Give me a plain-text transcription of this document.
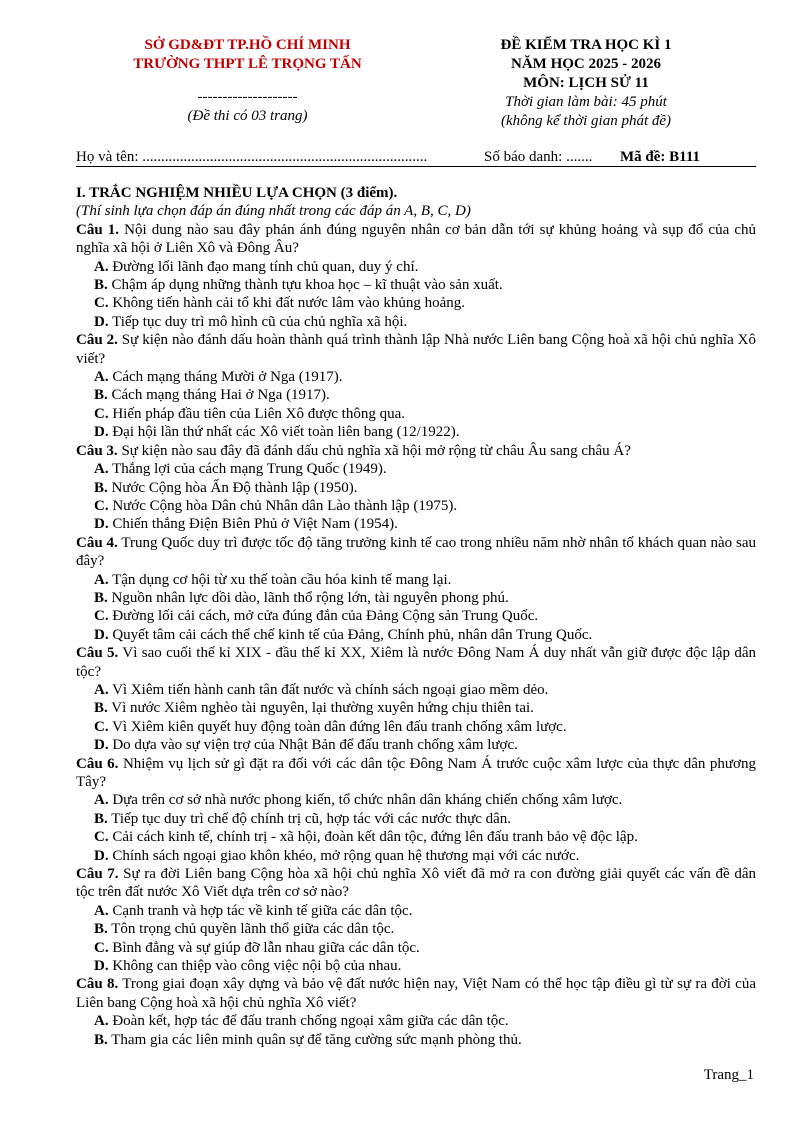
SỞ GD&ĐT TP.HỒ CHÍ MINH
TRƯỜNG THPT LÊ TRỌNG TẤN
--------------------
(Đề thi có 03 trang)
ĐỀ KIỂM TRA HỌC KÌ 1
NĂM HỌC 2025 - 2026
MÔN: LỊCH SỬ 11
Thời gian làm bài: 45 phút
(không kể thời gian phát đề)
Họ và tên: ............................................................................	Số báo danh: ....... Mã đề: B111
I. TRẮC NGHIỆM NHIỀU LỰA CHỌN (3 điểm).
(Thí sinh lựa chọn đáp án đúng nhất trong các đáp án A, B, C, D)
Câu 1. Nội dung nào sau đây phản ánh đúng nguyên nhân cơ bản dẫn tới sự khủng hoảng và sụp đổ của chủ nghĩa xã hội ở Liên Xô và Đông Âu?
A. Đường lối lãnh đạo mang tính chủ quan, duy ý chí.
B. Chậm áp dụng những thành tựu khoa học – kĩ thuật vào sản xuất.
C. Không tiến hành cải tổ khi đất nước lâm vào khủng hoảng.
D. Tiếp tục duy trì mô hình cũ của chủ nghĩa xã hội.
Câu 2. Sự kiện nào đánh dấu hoàn thành quá trình thành lập Nhà nước Liên bang Cộng hoà xã hội chủ nghĩa Xô viết?
A. Cách mạng tháng Mười ở Nga (1917).
B. Cách mạng tháng Hai ở Nga (1917).
C. Hiến pháp đầu tiên của Liên Xô được thông qua.
D. Đại hội lần thứ nhất các Xô viết toàn liên bang (12/1922).
Câu 3. Sự kiện nào sau đây đã đánh dấu chủ nghĩa xã hội mở rộng từ châu Âu sang châu Á?
A. Thắng lợi của cách mạng Trung Quốc (1949).
B. Nước Cộng hòa Ấn Độ thành lập (1950).
C. Nước Cộng hòa Dân chủ Nhân dân Lào thành lập (1975).
D. Chiến thắng Điện Biên Phủ ở Việt Nam (1954).
Câu 4. Trung Quốc duy trì được tốc độ tăng trưởng kinh tế cao trong nhiều năm nhờ nhân tố khách quan nào sau đây?
A. Tận dụng cơ hội từ xu thế toàn cầu hóa kinh tế mang lại.
B. Nguồn nhân lực dồi dào, lãnh thổ rộng lớn, tài nguyên phong phú.
C. Đường lối cải cách, mở cửa đúng đắn của Đảng Cộng sản Trung Quốc.
D. Quyết tâm cải cách thể chế kinh tế của Đảng, Chính phủ, nhân dân Trung Quốc.
Câu 5. Vì sao cuối thế kỉ XIX - đầu thế kỉ XX, Xiêm là nước Đông Nam Á duy nhất vẫn giữ được độc lập dân tộc?
A. Vì Xiêm tiến hành canh tân đất nước và chính sách ngoại giao mềm dẻo.
B. Vì nước Xiêm nghèo tài nguyên, lại thường xuyên hứng chịu thiên tai.
C. Vì Xiêm kiên quyết huy động toàn dân đứng lên đấu tranh chống xâm lược.
D. Do dựa vào sự viện trợ của Nhật Bản để đấu tranh chống xâm lược.
Câu 6. Nhiệm vụ lịch sử gì đặt ra đối với các dân tộc Đông Nam Á trước cuộc xâm lược của thực dân phương Tây?
A. Dựa trên cơ sở nhà nước phong kiến, tổ chức nhân dân kháng chiến chống xâm lược.
B. Tiếp tục duy trì chế độ chính trị cũ, hợp tác với các nước thực dân.
C. Cải cách kinh tế, chính trị - xã hội, đoàn kết dân tộc, đứng lên đấu tranh bảo vệ độc lập.
D. Chính sách ngoại giao khôn khéo, mở rộng quan hệ thương mại với các nước.
Câu 7. Sự ra đời Liên bang Cộng hòa xã hội chủ nghĩa Xô viết đã mở ra con đường giải quyết các vấn đề dân tộc trên đất nước Xô Viết dựa trên cơ sở nào?
A. Cạnh tranh và hợp tác về kinh tế giữa các dân tộc.
B. Tôn trọng chủ quyền lãnh thổ giữa các dân tộc.
C. Bình đẳng và sự giúp đỡ lẫn nhau giữa các dân tộc.
D. Không can thiệp vào công việc nội bộ của nhau.
Câu 8. Trong giai đoạn xây dựng và bảo vệ đất nước hiện nay, Việt Nam có thể học tập điều gì từ sự ra đời của Liên bang Cộng hoà xã hội chủ nghĩa Xô viết?
A. Đoàn kết, hợp tác để đấu tranh chống ngoại xâm giữa các dân tộc.
B. Tham gia các liên minh quân sự để tăng cường sức mạnh phòng thủ.
Trang_1
